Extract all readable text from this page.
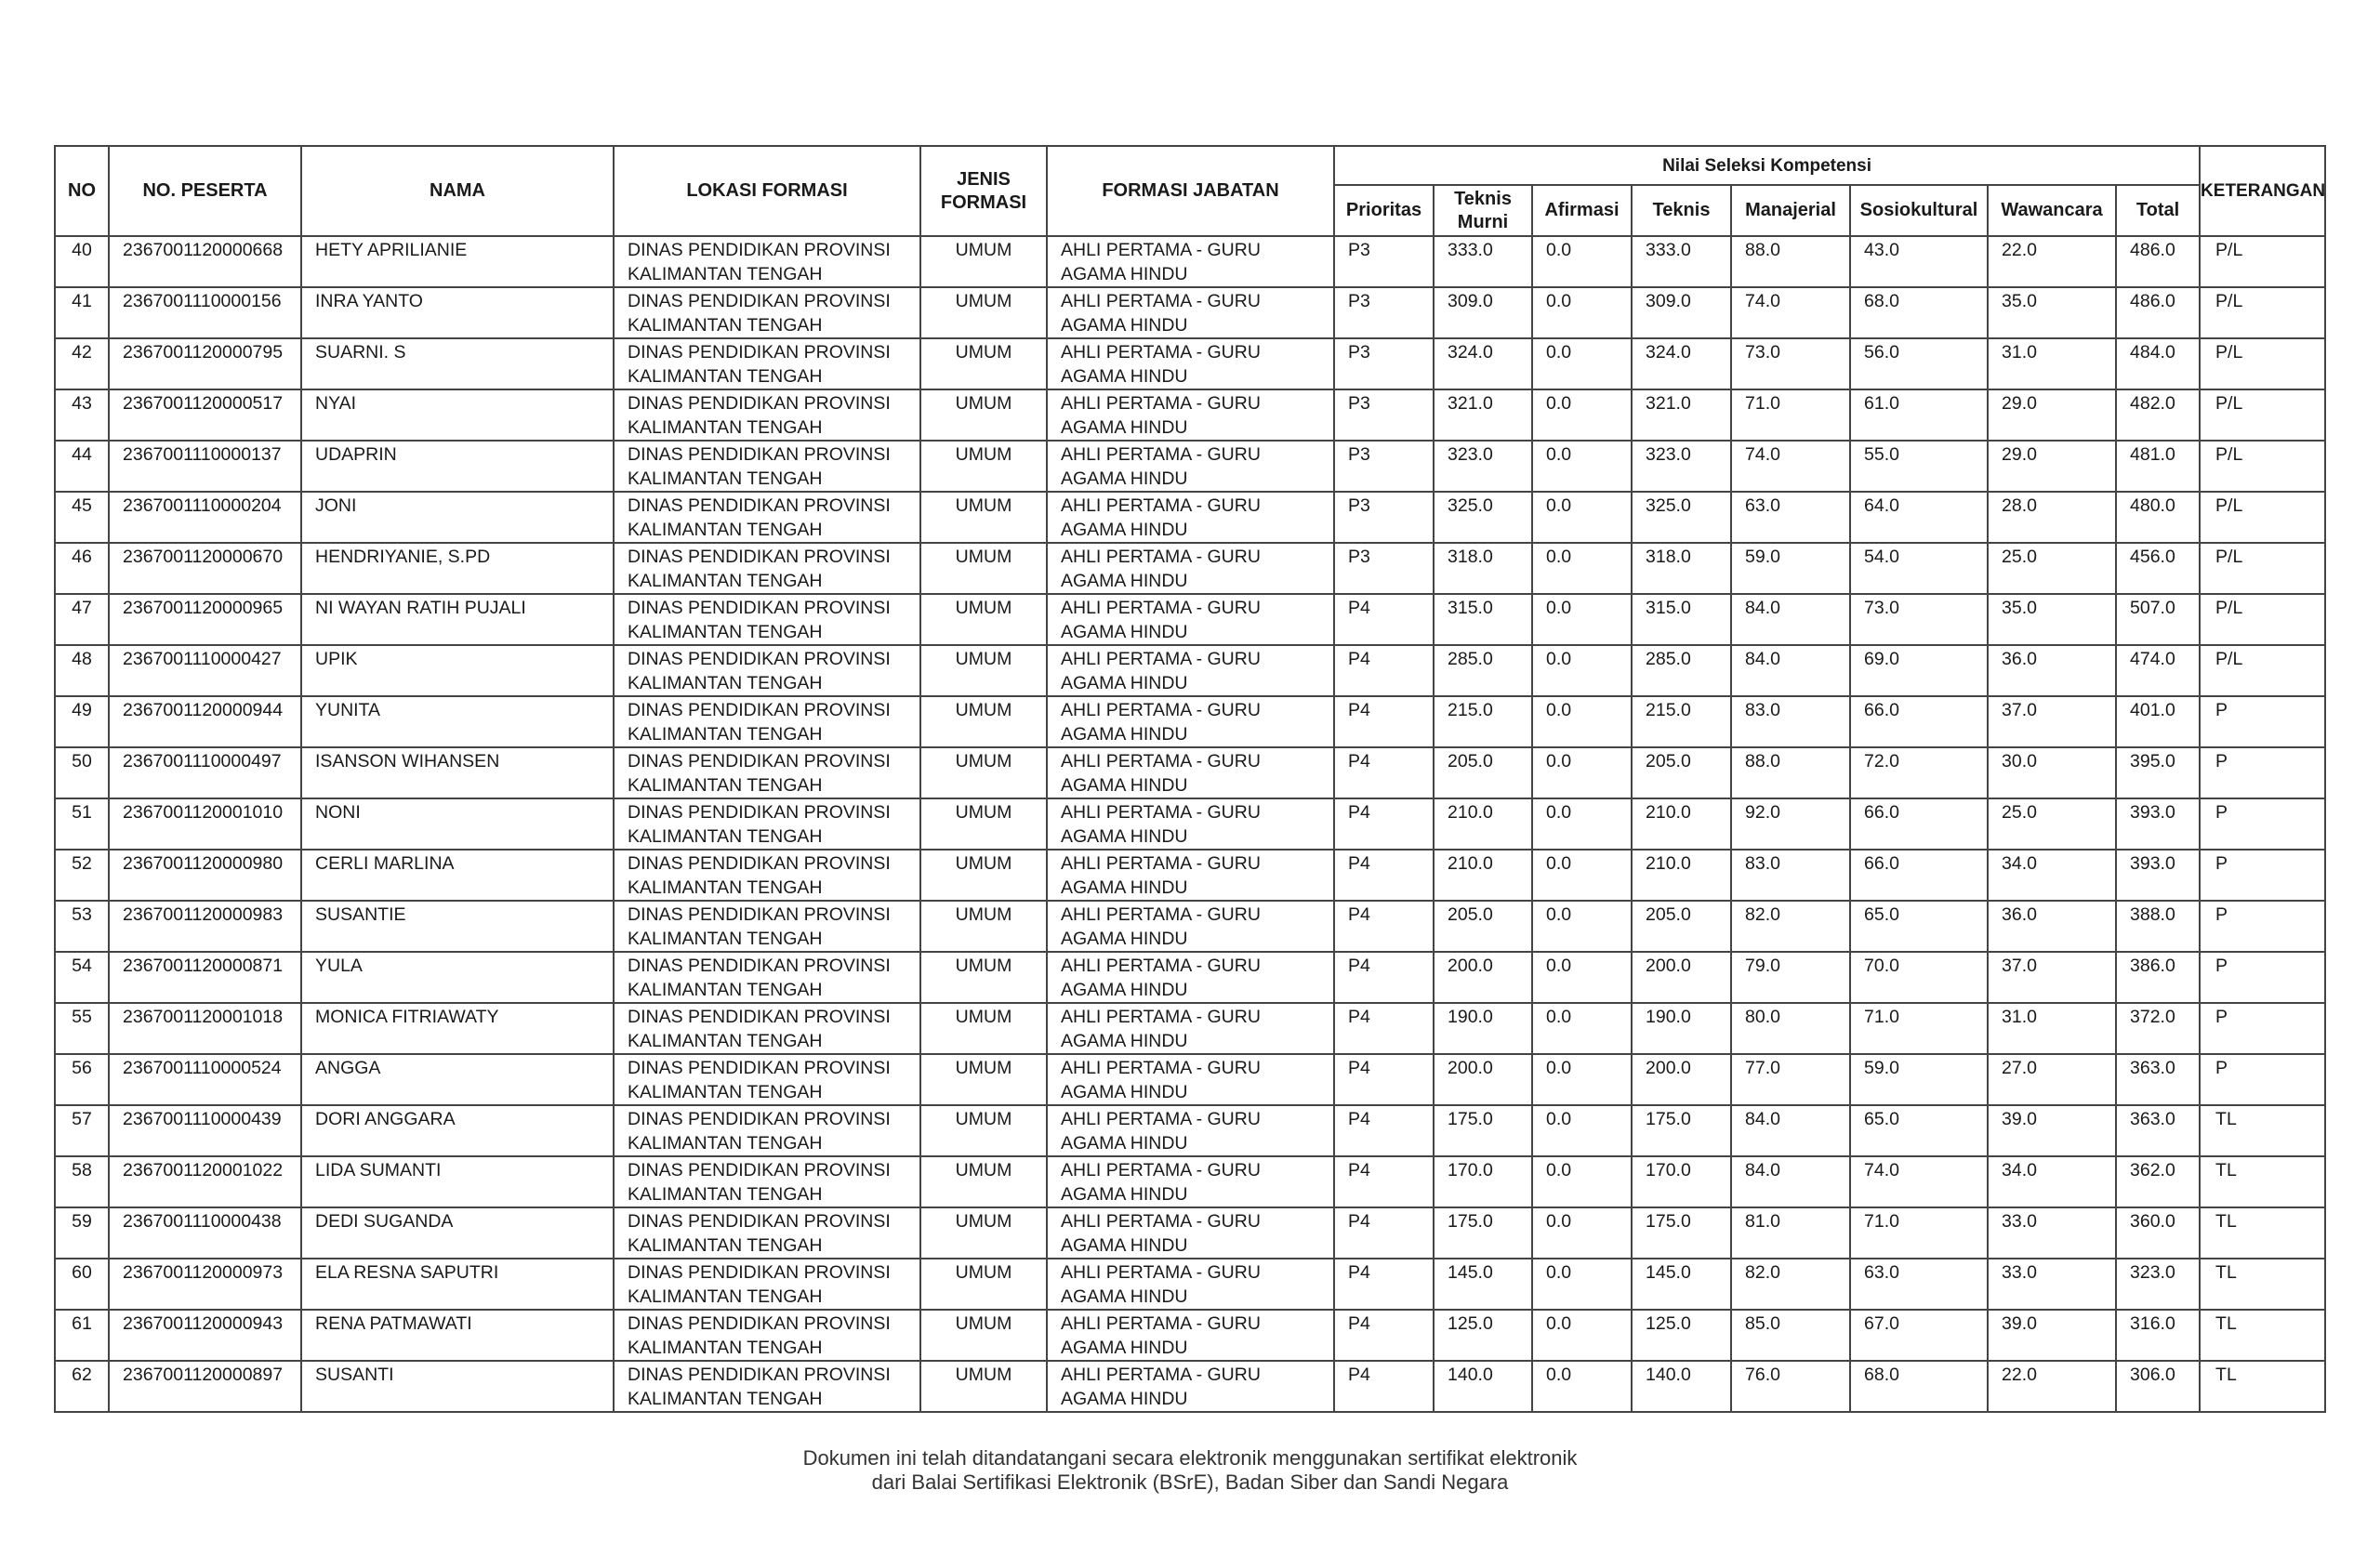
NO	NO. PESERTA	NAMA	LOKASI FORMASI	JENIS FORMASI	FORMASI JABATAN	Nilai Seleksi Kompetensi								KETERANGAN
						Prioritas	Teknis Murni	Afirmasi	Teknis	Manajerial	Sosiokultural	Wawancara	Total	
40	2367001120000668	HETY APRILIANIE	DINAS PENDIDIKAN PROVINSI KALIMANTAN TENGAH	UMUM	AHLI PERTAMA - GURU AGAMA HINDU	P3	333.0	0.0	333.0	88.0	43.0	22.0	486.0	P/L
41	2367001110000156	INRA YANTO	DINAS PENDIDIKAN PROVINSI KALIMANTAN TENGAH	UMUM	AHLI PERTAMA - GURU AGAMA HINDU	P3	309.0	0.0	309.0	74.0	68.0	35.0	486.0	P/L
42	2367001120000795	SUARNI. S	DINAS PENDIDIKAN PROVINSI KALIMANTAN TENGAH	UMUM	AHLI PERTAMA - GURU AGAMA HINDU	P3	324.0	0.0	324.0	73.0	56.0	31.0	484.0	P/L
43	2367001120000517	NYAI	DINAS PENDIDIKAN PROVINSI KALIMANTAN TENGAH	UMUM	AHLI PERTAMA - GURU AGAMA HINDU	P3	321.0	0.0	321.0	71.0	61.0	29.0	482.0	P/L
44	2367001110000137	UDAPRIN	DINAS PENDIDIKAN PROVINSI KALIMANTAN TENGAH	UMUM	AHLI PERTAMA - GURU AGAMA HINDU	P3	323.0	0.0	323.0	74.0	55.0	29.0	481.0	P/L
45	2367001110000204	JONI	DINAS PENDIDIKAN PROVINSI KALIMANTAN TENGAH	UMUM	AHLI PERTAMA - GURU AGAMA HINDU	P3	325.0	0.0	325.0	63.0	64.0	28.0	480.0	P/L
46	2367001120000670	HENDRIYANIE, S.PD	DINAS PENDIDIKAN PROVINSI KALIMANTAN TENGAH	UMUM	AHLI PERTAMA - GURU AGAMA HINDU	P3	318.0	0.0	318.0	59.0	54.0	25.0	456.0	P/L
47	2367001120000965	NI WAYAN RATIH PUJALI	DINAS PENDIDIKAN PROVINSI KALIMANTAN TENGAH	UMUM	AHLI PERTAMA - GURU AGAMA HINDU	P4	315.0	0.0	315.0	84.0	73.0	35.0	507.0	P/L
48	2367001110000427	UPIK	DINAS PENDIDIKAN PROVINSI KALIMANTAN TENGAH	UMUM	AHLI PERTAMA - GURU AGAMA HINDU	P4	285.0	0.0	285.0	84.0	69.0	36.0	474.0	P/L
49	2367001120000944	YUNITA	DINAS PENDIDIKAN PROVINSI KALIMANTAN TENGAH	UMUM	AHLI PERTAMA - GURU AGAMA HINDU	P4	215.0	0.0	215.0	83.0	66.0	37.0	401.0	P
50	2367001110000497	ISANSON WIHANSEN	DINAS PENDIDIKAN PROVINSI KALIMANTAN TENGAH	UMUM	AHLI PERTAMA - GURU AGAMA HINDU	P4	205.0	0.0	205.0	88.0	72.0	30.0	395.0	P
51	2367001120001010	NONI	DINAS PENDIDIKAN PROVINSI KALIMANTAN TENGAH	UMUM	AHLI PERTAMA - GURU AGAMA HINDU	P4	210.0	0.0	210.0	92.0	66.0	25.0	393.0	P
52	2367001120000980	CERLI MARLINA	DINAS PENDIDIKAN PROVINSI KALIMANTAN TENGAH	UMUM	AHLI PERTAMA - GURU AGAMA HINDU	P4	210.0	0.0	210.0	83.0	66.0	34.0	393.0	P
53	2367001120000983	SUSANTIE	DINAS PENDIDIKAN PROVINSI KALIMANTAN TENGAH	UMUM	AHLI PERTAMA - GURU AGAMA HINDU	P4	205.0	0.0	205.0	82.0	65.0	36.0	388.0	P
54	2367001120000871	YULA	DINAS PENDIDIKAN PROVINSI KALIMANTAN TENGAH	UMUM	AHLI PERTAMA - GURU AGAMA HINDU	P4	200.0	0.0	200.0	79.0	70.0	37.0	386.0	P
55	2367001120001018	MONICA FITRIAWATY	DINAS PENDIDIKAN PROVINSI KALIMANTAN TENGAH	UMUM	AHLI PERTAMA - GURU AGAMA HINDU	P4	190.0	0.0	190.0	80.0	71.0	31.0	372.0	P
56	2367001110000524	ANGGA	DINAS PENDIDIKAN PROVINSI KALIMANTAN TENGAH	UMUM	AHLI PERTAMA - GURU AGAMA HINDU	P4	200.0	0.0	200.0	77.0	59.0	27.0	363.0	P
57	2367001110000439	DORI ANGGARA	DINAS PENDIDIKAN PROVINSI KALIMANTAN TENGAH	UMUM	AHLI PERTAMA - GURU AGAMA HINDU	P4	175.0	0.0	175.0	84.0	65.0	39.0	363.0	TL
58	2367001120001022	LIDA SUMANTI	DINAS PENDIDIKAN PROVINSI KALIMANTAN TENGAH	UMUM	AHLI PERTAMA - GURU AGAMA HINDU	P4	170.0	0.0	170.0	84.0	74.0	34.0	362.0	TL
59	2367001110000438	DEDI SUGANDA	DINAS PENDIDIKAN PROVINSI KALIMANTAN TENGAH	UMUM	AHLI PERTAMA - GURU AGAMA HINDU	P4	175.0	0.0	175.0	81.0	71.0	33.0	360.0	TL
60	2367001120000973	ELA RESNA SAPUTRI	DINAS PENDIDIKAN PROVINSI KALIMANTAN TENGAH	UMUM	AHLI PERTAMA - GURU AGAMA HINDU	P4	145.0	0.0	145.0	82.0	63.0	33.0	323.0	TL
61	2367001120000943	RENA PATMAWATI	DINAS PENDIDIKAN PROVINSI KALIMANTAN TENGAH	UMUM	AHLI PERTAMA - GURU AGAMA HINDU	P4	125.0	0.0	125.0	85.0	67.0	39.0	316.0	TL
62	2367001120000897	SUSANTI	DINAS PENDIDIKAN PROVINSI KALIMANTAN TENGAH	UMUM	AHLI PERTAMA - GURU AGAMA HINDU	P4	140.0	0.0	140.0	76.0	68.0	22.0	306.0	TL
Dokumen ini telah ditandatangani secara elektronik menggunakan sertifikat elektronik
dari Balai Sertifikasi Elektronik (BSrE), Badan Siber dan Sandi Negara
